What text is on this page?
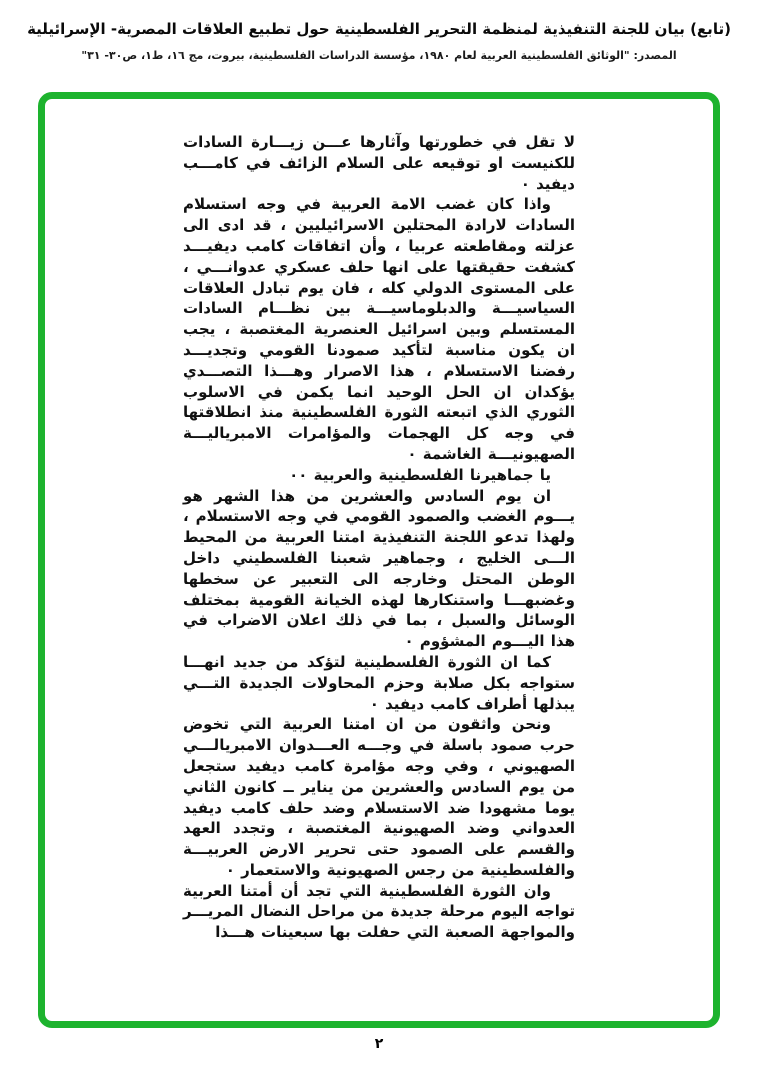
(تابع) بيان للجنة التنفيذية لمنظمة التحرير الفلسطينية حول تطبيع العلاقات المصرية- الإسرائيلية
المصدر: "الوثائق الفلسطينية العربية لعام ١٩٨٠، مؤسسة الدراسات الفلسطينية، بيروت، مج ١٦، ط١، ص٣٠- ٣١"

لا تقل في خطورتها وآثارها عـــن زيـــارة السادات للكنيست او توقيعه على السلام الزائف في كامـــب ديفيد ٠

واذا كان غضب الامة العربية في وجه استسلام السادات لارادة المحتلين الاسرائيليين ، قد ادى الى عزلته ومقاطعته عربيا ، وأن اتفاقات كامب ديفيـــد كشفت حقيقتها على انها حلف عسكري عدوانـــي ، على المستوى الدولي كله ، فان يوم تبادل العلاقات السياسيـــة والدبلوماسيـــة بين نظـــام السادات المستسلم وبين اسرائيل العنصرية المغتصبة ، يجب ان يكون مناسبة لتأكيد صمودنا القومي وتجديـــد رفضنا الاستسلام ، هذا الاصرار وهـــذا التصـــدي يؤكدان ان الحل الوحيد انما يكمن في الاسلوب الثوري الذي اتبعته الثورة الفلسطينية منذ انطلاقتها في وجه كل الهجمات والمؤامرات الامبرياليـــة الصهيونيـــة الغاشمة ٠

يا جماهيرنا الفلسطينية والعربية ٠٠

ان يوم السادس والعشرين من هذا الشهر هو يـــوم الغضب والصمود القومي في وجه الاستسلام ، ولهذا تدعو اللجنة التنفيذية امتنا العربية من المحيط الـــى الخليج ، وجماهير شعبنا الفلسطيني داخل الوطن المحتل وخارجه الى التعبير عن سخطها وغضبهـــا واستنكارها لهذه الخيانة القومية بمختلف الوسائل والسبل ، بما في ذلك اعلان الاضراب في هذا اليـــوم المشؤوم ٠

كما ان الثورة الفلسطينية لتؤكد من جديد انهـــا ستواجه بكل صلابة وحزم المحاولات الجديدة التـــي يبذلها أطراف كامب ديفيد ٠

ونحن واثقون من ان امتنا العربية التي تخوض حرب صمود باسلة في وجـــه العـــدوان الامبريالـــي الصهيوني ، وفي وجه مؤامرة كامب ديفيد ستجعل من يوم السادس والعشرين من يناير ــ كانون الثاني يوما مشهودا ضد الاستسلام وضد حلف كامب ديفيد العدواني وضد الصهيونية المغتصبة ، وتجدد العهد والقسم على الصمود حتى تحرير الارض العربيـــة والفلسطينية من رجس الصهيونية والاستعمار ٠

وان الثورة الفلسطينية التي تجد أن أمتنا العربية تواجه اليوم مرحلة جديدة من مراحل النضال المريـــر والمواجهة الصعبة التي حفلت بها سبعينات هـــذا

٢
